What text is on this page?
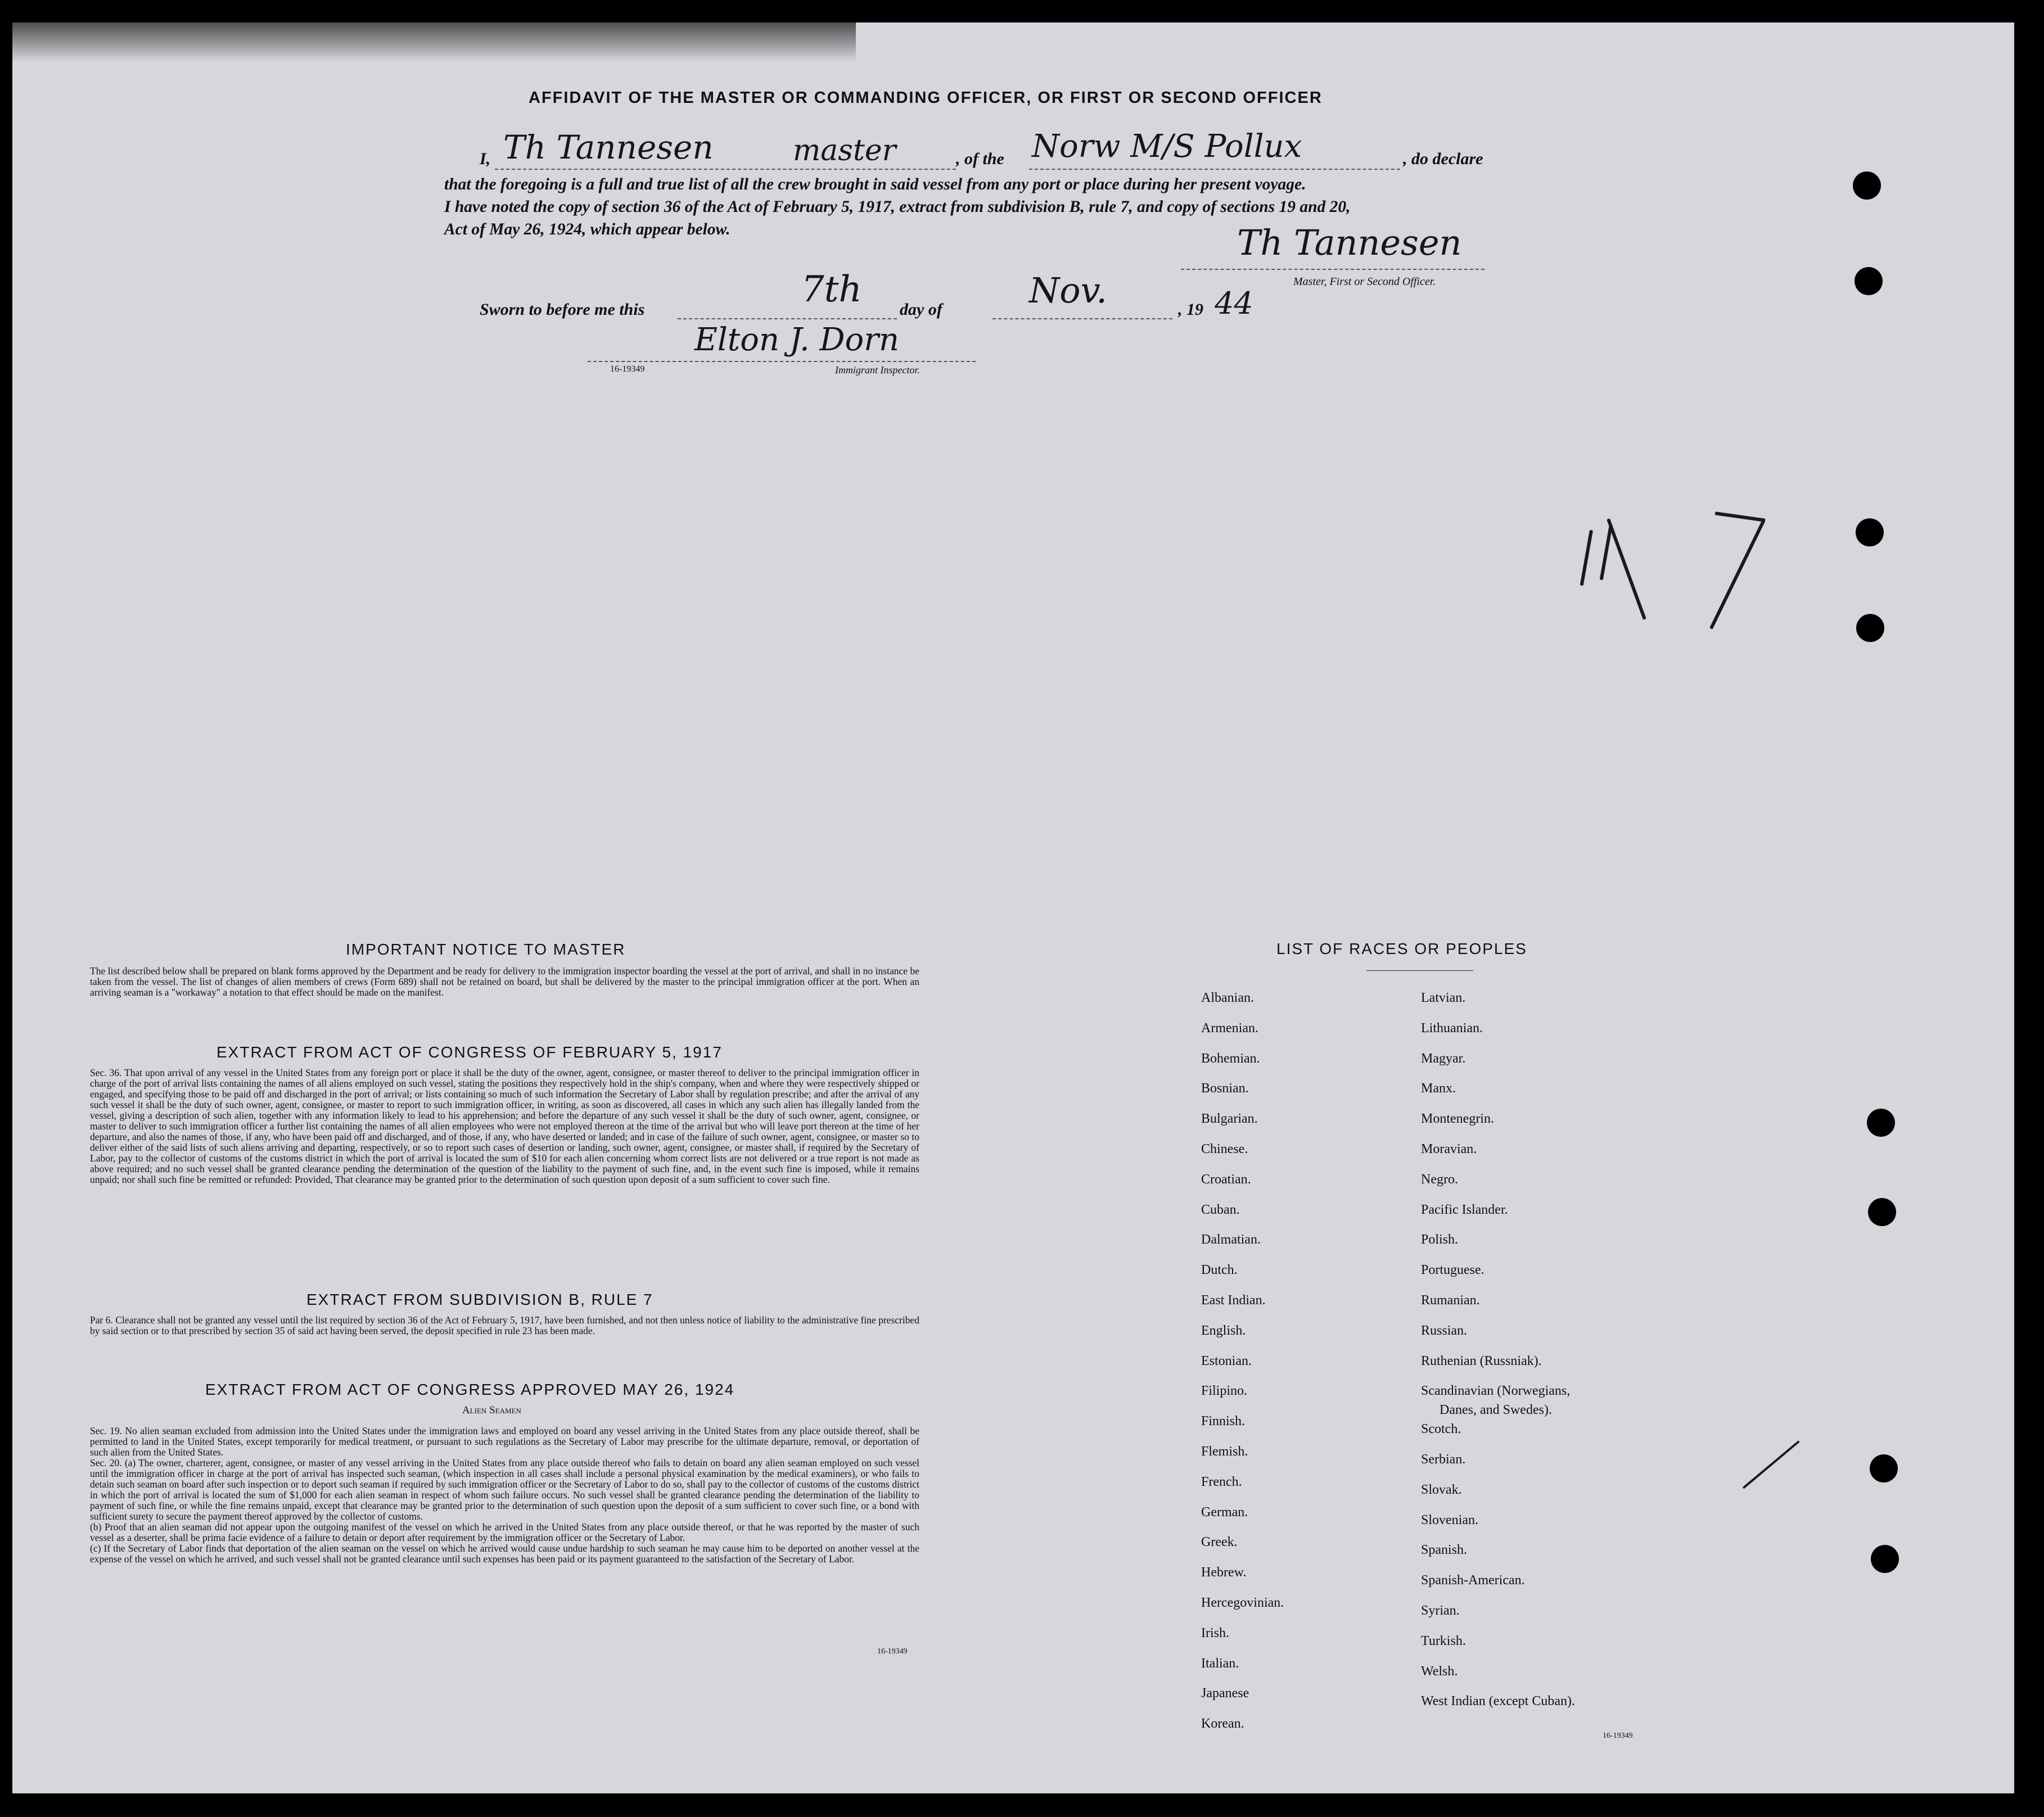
AFFIDAVIT OF THE MASTER OR COMMANDING OFFICER, OR FIRST OR SECOND OFFICER
I, Th Tannesen	master	, of the Norw M/S Pollux	, do declare
that the foregoing is a full and true list of all the crew brought in said vessel from any port or place during her present voyage.
I have noted the copy of section 36 of the Act of February 5, 1917, extract from subdivision B, rule 7, and copy of sections 19 and 20,
Act of May 26, 1924, which appear below.	Th Tannesen
Master, First or Second Officer.
Sworn to before me this	7th day of Nov.	, 19 44
Elton J. Dorn
16-19349	Immigrant Inspector.
IMPORTANT NOTICE TO MASTER
The list described below shall be prepared on blank forms approved by the Department and be ready for delivery to the immigration inspector boarding the vessel at the port of arrival, and shall in no instance be taken from the vessel. The list of changes of alien members of crews (Form 689) shall not be retained on board, but shall be delivered by the master to the principal immigration officer at the port. When an arriving seaman is a "workaway" a notation to that effect should be made on the manifest.
EXTRACT FROM ACT OF CONGRESS OF FEBRUARY 5, 1917
Sec. 36. That upon arrival of any vessel in the United States from any foreign port or place it shall be the duty of the owner, agent, consignee, or master thereof to deliver to the principal immigration officer in charge of the port of arrival lists containing the names of all aliens employed on such vessel, stating the positions they respectively hold in the ship's company, when and where they were respectively shipped or engaged, and specifying those to be paid off and discharged in the port of arrival; or lists containing so much of such information the Secretary of Labor shall by regulation prescribe; and after the arrival of any such vessel it shall be the duty of such owner, agent, consignee, or master to report to such immigration officer, in writing, as soon as discovered, all cases in which any such alien has illegally landed from the vessel, giving a description of such alien, together with any information likely to lead to his apprehension; and before the departure of any such vessel it shall be the duty of such owner, agent, consignee, or master to deliver to such immigration officer a further list containing the names of all alien employees who were not employed thereon at the time of the arrival but who will leave port thereon at the time of her departure, and also the names of those, if any, who have been paid off and discharged, and of those, if any, who have deserted or landed; and in case of the failure of such owner, agent, consignee, or master so to deliver either of the said lists of such aliens arriving and departing, respectively, or so to report such cases of desertion or landing, such owner, agent, consignee, or master shall, if required by the Secretary of Labor, pay to the collector of customs of the customs district in which the port of arrival is located the sum of $10 for each alien concerning whom correct lists are not delivered or a true report is not made as above required; and no such vessel shall be granted clearance pending the determination of the question of the liability to the payment of such fine, and, in the event such fine is imposed, while it remains unpaid; nor shall such fine be remitted or refunded: Provided, That clearance may be granted prior to the determination of such question upon deposit of a sum sufficient to cover such fine.
EXTRACT FROM SUBDIVISION B, RULE 7
Par 6. Clearance shall not be granted any vessel until the list required by section 36 of the Act of February 5, 1917, have been furnished, and not then unless notice of liability to the administrative fine prescribed by said section or to that prescribed by section 35 of said act having been served, the deposit specified in rule 23 has been made.
EXTRACT FROM ACT OF CONGRESS APPROVED MAY 26, 1924
Alien Seamen
Sec. 19. No alien seaman excluded from admission into the United States under the immigration laws and employed on board any vessel arriving in the United States from any place outside thereof, shall be permitted to land in the United States, except temporarily for medical treatment, or pursuant to such regulations as the Secretary of Labor may prescribe for the ultimate departure, removal, or deportation of such alien from the United States.
Sec. 20. (a) The owner, charterer, agent, consignee, or master of any vessel arriving in the United States from any place outside thereof who fails to detain on board any alien seaman employed on such vessel until the immigration officer in charge at the port of arrival has inspected such seaman, (which inspection in all cases shall include a personal physical examination by the medical examiners), or who fails to detain such seaman on board after such inspection or to deport such seaman if required by such immigration officer or the Secretary of Labor to do so, shall pay to the collector of customs of the customs district in which the port of arrival is located the sum of $1,000 for each alien seaman in respect of whom such failure occurs. No such vessel shall be granted clearance pending the determination of the liability to payment of such fine, or while the fine remains unpaid, except that clearance may be granted prior to the determination of such question upon the deposit of a sum sufficient to cover such fine, or a bond with sufficient surety to secure the payment thereof approved by the collector of customs.
(b) Proof that an alien seaman did not appear upon the outgoing manifest of the vessel on which he arrived in the United States from any place outside thereof, or that he was reported by the master of such vessel as a deserter, shall be prima facie evidence of a failure to detain or deport after requirement by the immigration officer or the Secretary of Labor.
(c) If the Secretary of Labor finds that deportation of the alien seaman on the vessel on which he arrived would cause undue hardship to such seaman he may cause him to be deported on another vessel at the expense of the vessel on which he arrived, and such vessel shall not be granted clearance until such expenses has been paid or its payment guaranteed to the satisfaction of the Secretary of Labor.
16-19349
LIST OF RACES OR PEOPLES
Albanian.
Armenian.
Bohemian.
Bosnian.
Bulgarian.
Chinese.
Croatian.
Cuban.
Dalmatian.
Dutch.
East Indian.
English.
Estonian.
Filipino.
Finnish.
Flemish.
French.
German.
Greek.
Hebrew.
Hercegovinian.
Irish.
Italian.
Japanese
Korean.
Latvian.
Lithuanian.
Magyar.
Manx.
Montenegrin.
Moravian.
Negro.
Pacific Islander.
Polish.
Portuguese.
Rumanian.
Russian.
Ruthenian (Russniak).
Scandinavian (Norwegians,
Danes, and Swedes).
Scotch.
Serbian.
Slovak.
Slovenian.
Spanish.
Spanish-American.
Syrian.
Turkish.
Welsh.
West Indian (except Cuban).
16-19349
